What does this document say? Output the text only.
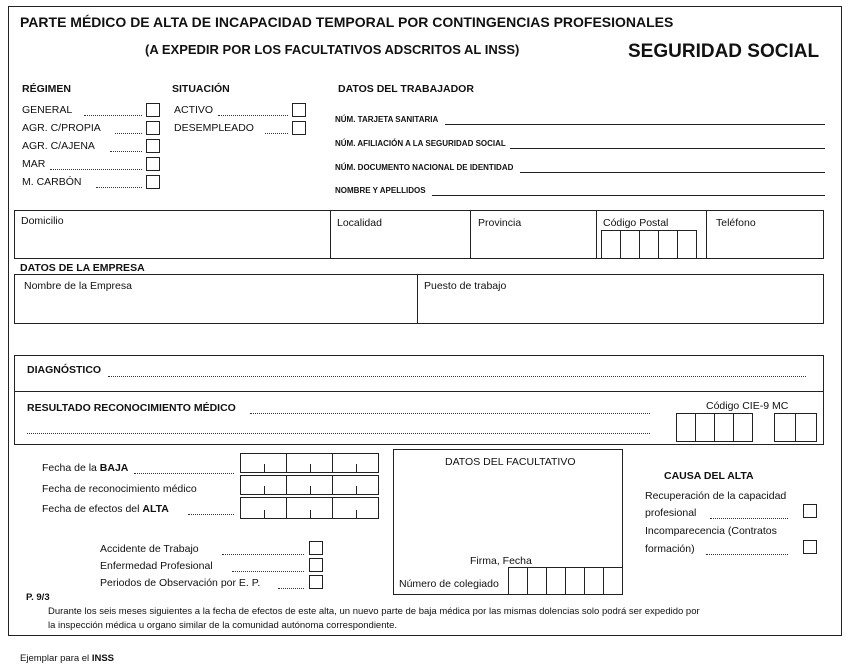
PARTE MÉDICO DE ALTA DE INCAPACIDAD TEMPORAL POR CONTINGENCIAS PROFESIONALES
(A EXPEDIR POR LOS FACULTATIVOS ADSCRITOS AL INSS)	SEGURIDAD SOCIAL
RÉGIMEN
GENERAL
AGR. C/PROPIA
AGR. C/AJENA
MAR
M. CARBÓN
SITUACIÓN
ACTIVO
DESEMPLEADO
DATOS DEL TRABAJADOR
NÚM. TARJETA SANITARIA
NÚM. AFILIACIÓN A LA SEGURIDAD SOCIAL
NÚM. DOCUMENTO NACIONAL DE IDENTIDAD
NOMBRE Y APELLIDOS
Domicilio	Localidad	Provincia	Código Postal	Teléfono
DATOS DE LA EMPRESA
Nombre de la Empresa	Puesto de trabajo
DIAGNÓSTICO
RESULTADO RECONOCIMIENTO MÉDICO	Código CIE-9 MC
Fecha de la BAJA
Fecha de reconocimiento médico
Fecha de efectos del ALTA
Accidente de Trabajo
Enfermedad Profesional
Periodos de Observación por E. P.
DATOS DEL FACULTATIVO
Firma, Fecha
Número de colegiado
CAUSA DEL ALTA
Recuperación de la capacidad
profesional
Incomparecencia (Contratos
formación)
P. 9/3
Durante los seis meses siguientes a la fecha de efectos de este alta, un nuevo parte de baja médica por las mismas dolencias solo podrá ser expedido por
la inspección médica u organo similar de la comunidad autónoma correspondiente.
Ejemplar para el INSS
